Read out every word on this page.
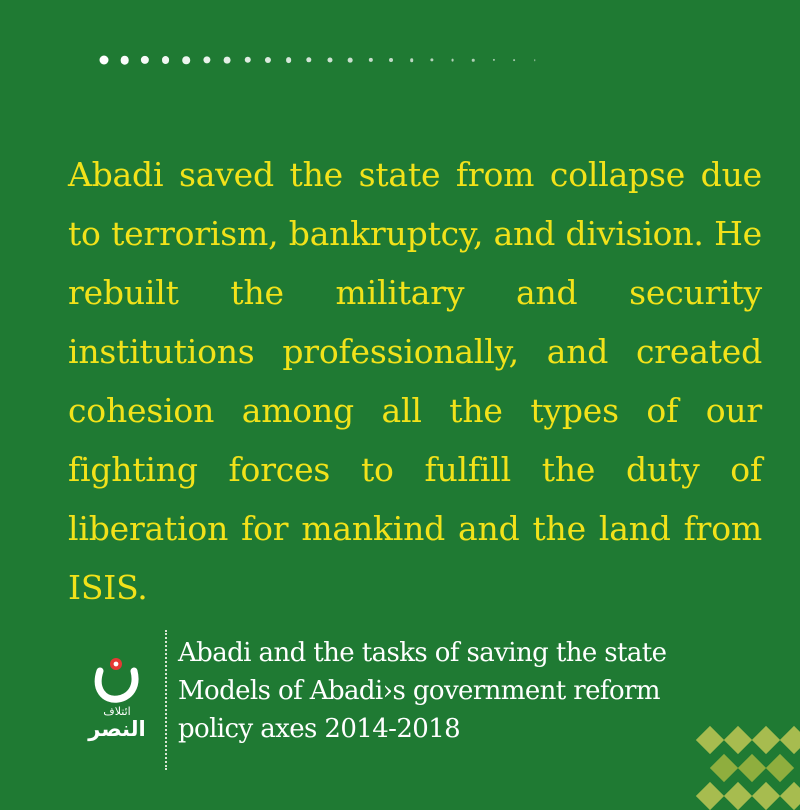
Abadi saved the state from collapse due to terrorism, bankruptcy, and division. He rebuilt the military and security institutions professionally, and created cohesion among all the types of our fighting forces to fulfill the duty of liberation for mankind and the land from ISIS.

ائتلاف
النصر
Abadi and the tasks of saving the state
Models of Abadi›s government reform
policy axes 2014-2018
